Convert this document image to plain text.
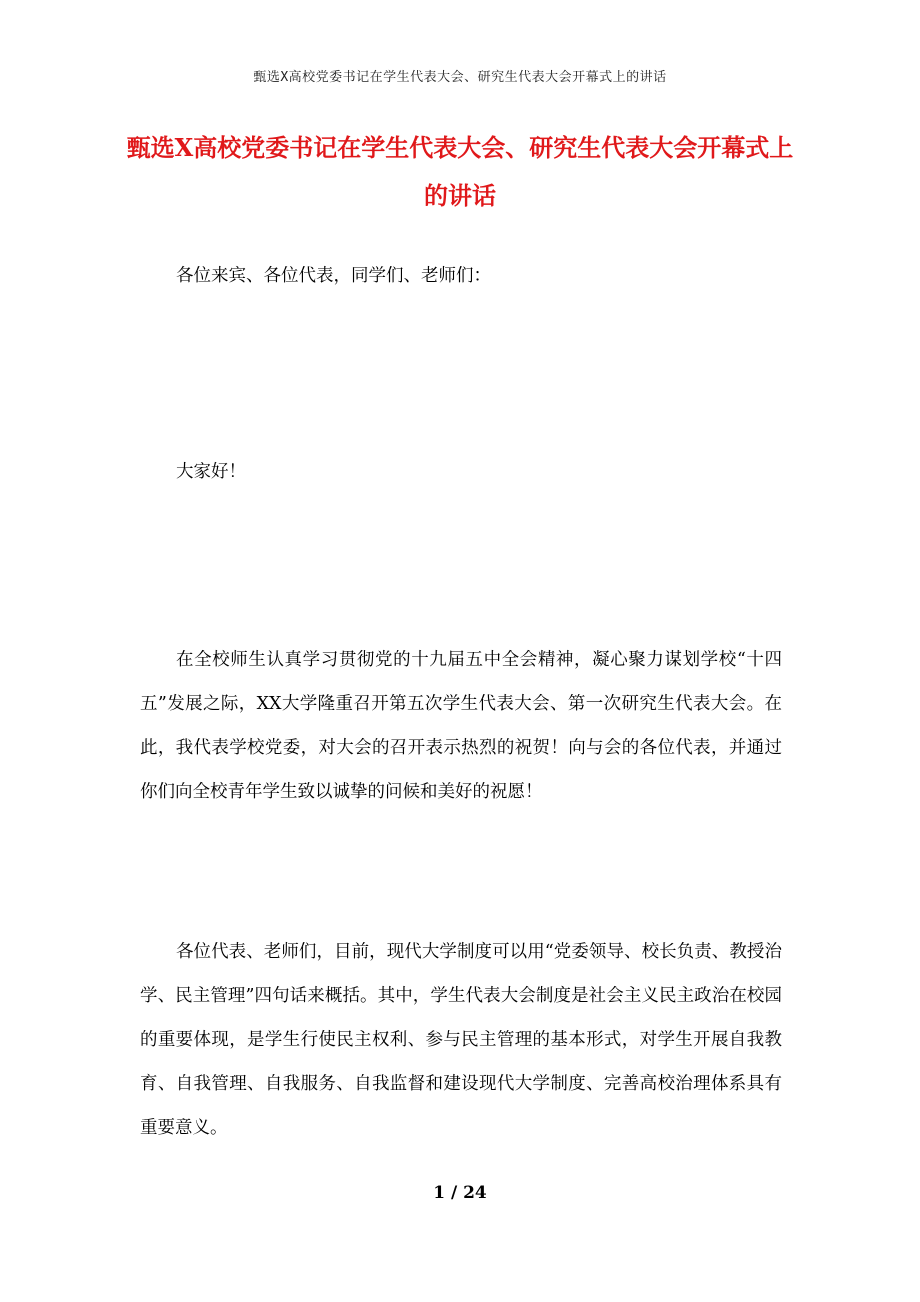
甄选X高校党委书记在学生代表大会、研究生代表大会开幕式上的讲话
甄选X高校党委书记在学生代表大会、研究生代表大会开幕式上的讲话

各位来宾、各位代表，同学们、老师们：

大家好！

在全校师生认真学习贯彻党的十九届五中全会精神，凝心聚力谋划学校“十四五”发展之际，XX大学隆重召开第五次学生代表大会、第一次研究生代表大会。在此，我代表学校党委，对大会的召开表示热烈的祝贺！向与会的各位代表，并通过你们向全校青年学生致以诚挚的问候和美好的祝愿！

各位代表、老师们，目前，现代大学制度可以用“党委领导、校长负责、教授治学、民主管理”四句话来概括。其中，学生代表大会制度是社会主义民主政治在校园的重要体现，是学生行使民主权利、参与民主管理的基本形式，对学生开展自我教育、自我管理、自我服务、自我监督和建设现代大学制度、完善高校治理体系具有重要意义。

1 / 24
